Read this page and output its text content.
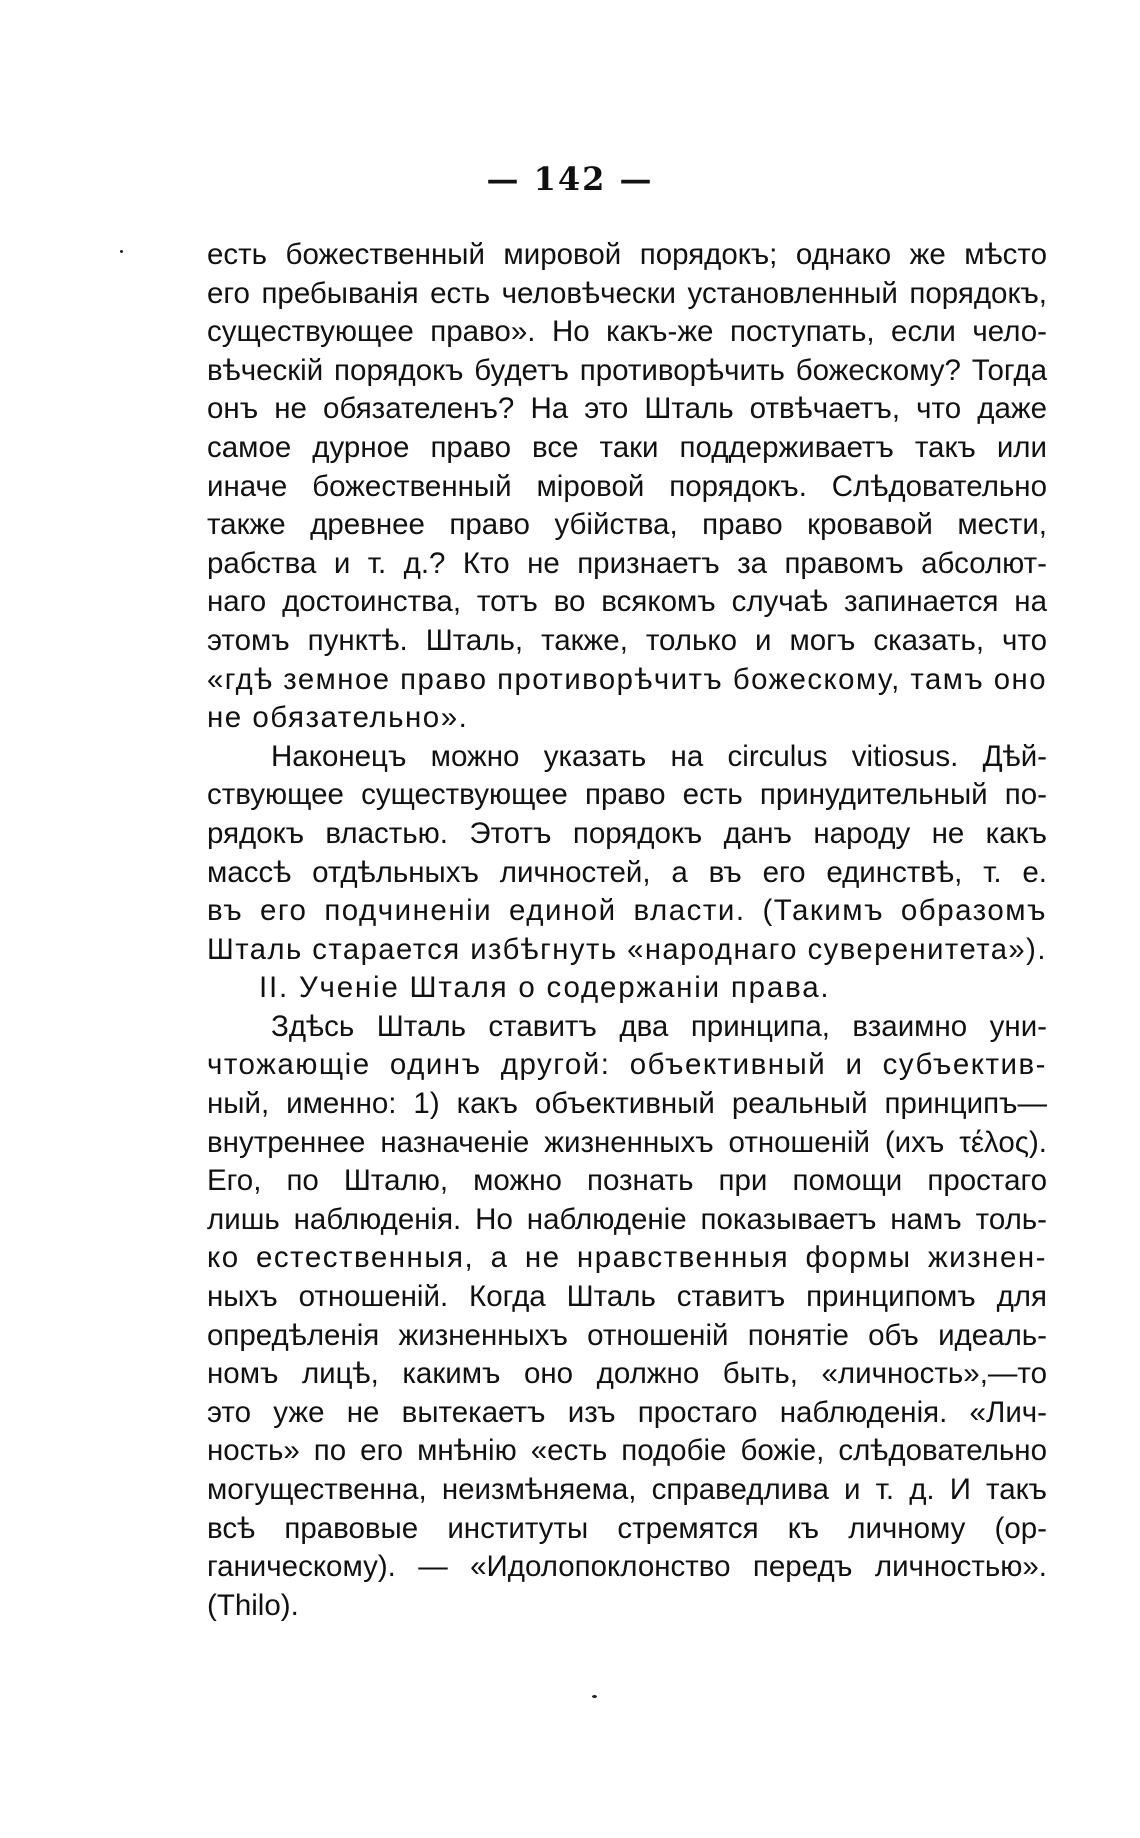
— 142 —
есть божественный мировой порядокъ; однако же мѣсто
его пребыванiя есть человѣчески установленный порядокъ,
существующее право». Но какъ-же поступать, если чело-
вѣческiй порядокъ будетъ противорѣчить божескому? Тогда
онъ не обязателенъ? На это Шталь отвѣчаетъ, что даже
самое дурное право все таки поддерживаетъ такъ или
иначе божественный мiровой порядокъ. Слѣдовательно
также древнее право убiйства, право кровавой мести,
рабства и т. д.? Кто не признаетъ за правомъ абсолют-
наго достоинства, тотъ во всякомъ случаѣ запинается на
этомъ пунктѣ. Шталь, также, только и могъ сказать, что
«гдѣ земное право противорѣчитъ божескому, тамъ оно
не обязательно».
Наконецъ можно указать на circulus vitiosus. Дѣй-
ствующее существующее право есть принудительный по-
рядокъ властью. Этотъ порядокъ данъ народу не какъ
массѣ отдѣльныхъ личностей, а въ его единствѣ, т. е.
въ его подчиненiи единой власти. (Такимъ образомъ
Шталь старается избѣгнуть «народнаго суверенитета»).
II. Ученiе Шталя о содержанiи права.
Здѣсь Шталь ставитъ два принципа, взаимно уни-
чтожающiе одинъ другой: объективный и субъектив-
ный, именно: 1) какъ объективный реальный принципъ—
внутреннее назначенiе жизненныхъ отношенiй (ихъ τέλος).
Его, по Шталю, можно познать при помощи простаго
лишь наблюденiя. Но наблюденiе показываетъ намъ толь-
ко естественныя, а не нравственныя формы жизнен-
ныхъ отношенiй. Когда Шталь ставитъ принципомъ для
опредѣленiя жизненныхъ отношенiй понятiе объ идеаль-
номъ лицѣ, какимъ оно должно быть, «личность»,—то
это уже не вытекаетъ изъ простаго наблюденiя. «Лич-
ность» по его мнѣнiю «есть подобiе божiе, слѣдовательно
могущественна, неизмѣняема, справедлива и т. д. И такъ
всѣ правовые институты стремятся къ личному (ор-
ганическому). — «Идолопоклонство передъ личностью».
(Thilo).
